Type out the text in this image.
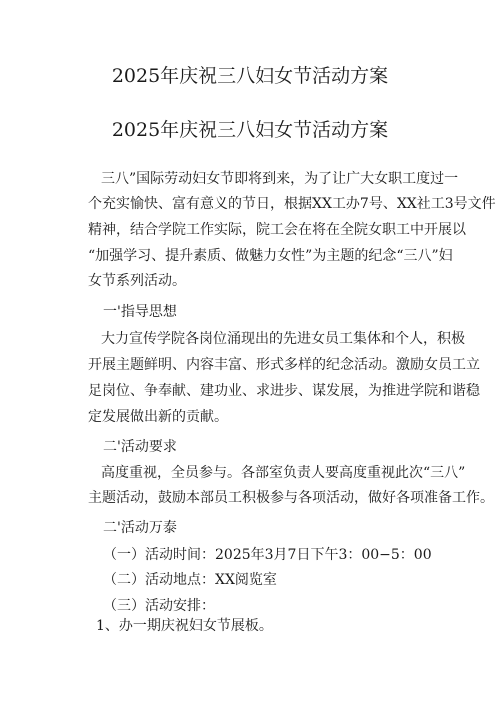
2025年庆祝三八妇女节活动方案
2025年庆祝三八妇女节活动方案
三八”国际劳动妇女节即将到来，为了让广大女职工度过一
个充实愉快、富有意义的节日，根据XX工办7号、XX社工3号文件
精神，结合学院工作实际，院工会在将在全院女职工中开展以
“加强学习、提升素质、做魅力女性”为主题的纪念“三八”妇
女节系列活动。
一'指导思想
大力宣传学院各岗位涌现出的先进女员工集体和个人，积极
开展主题鲜明、内容丰富、形式多样的纪念活动。激励女员工立
足岗位、争奉献、建功业、求进步、谋发展，为推进学院和谐稳
定发展做出新的贡献。
二'活动要求
高度重视，全员参与。各部室负责人要高度重视此次“三八”
主题活动，鼓励本部员工积极参与各项活动，做好各项准备工作。
二'活动万泰
（一）活动时间：2025年3月7日下午3：00−5：00
（二）活动地点：XX阅览室
（三）活动安排：
1、办一期庆祝妇女节展板。
